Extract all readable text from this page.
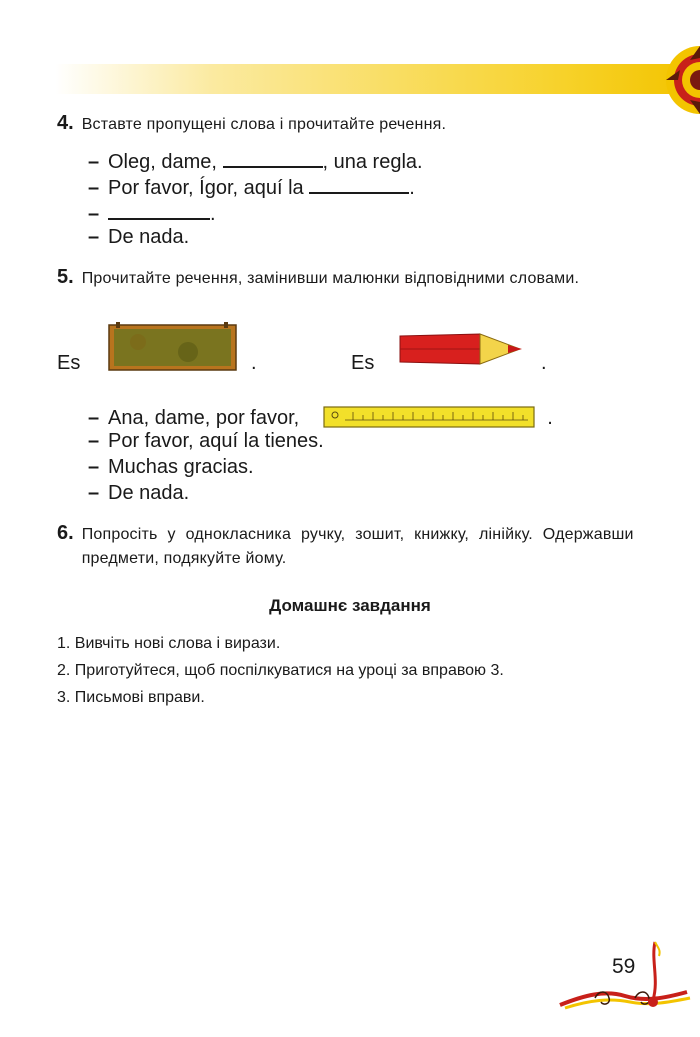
4. Вставте пропущені слова і прочитайте речення.
– Oleg, dame,
	, una regla.
– Por favor, Ígor, aquí la
	.
–	.
– De nada.
5. Прочитайте речення, замінивши малюнки відповідними словами.
Es	.	Es	.
– Ana, dame, por favor,	.
– Por favor, aquí la tienes.
– Muchas gracias.
– De nada.
6. Попросіть у однокласника ручку, зошит, книжку, лінійку. Одержавши предмети, подякуйте йому.
Домашнє завдання
1. Вивчіть нові слова і вирази.
2. Приготуйтеся, щоб поспілкуватися на уроці за вправою 3.
3. Письмові вправи.
59
